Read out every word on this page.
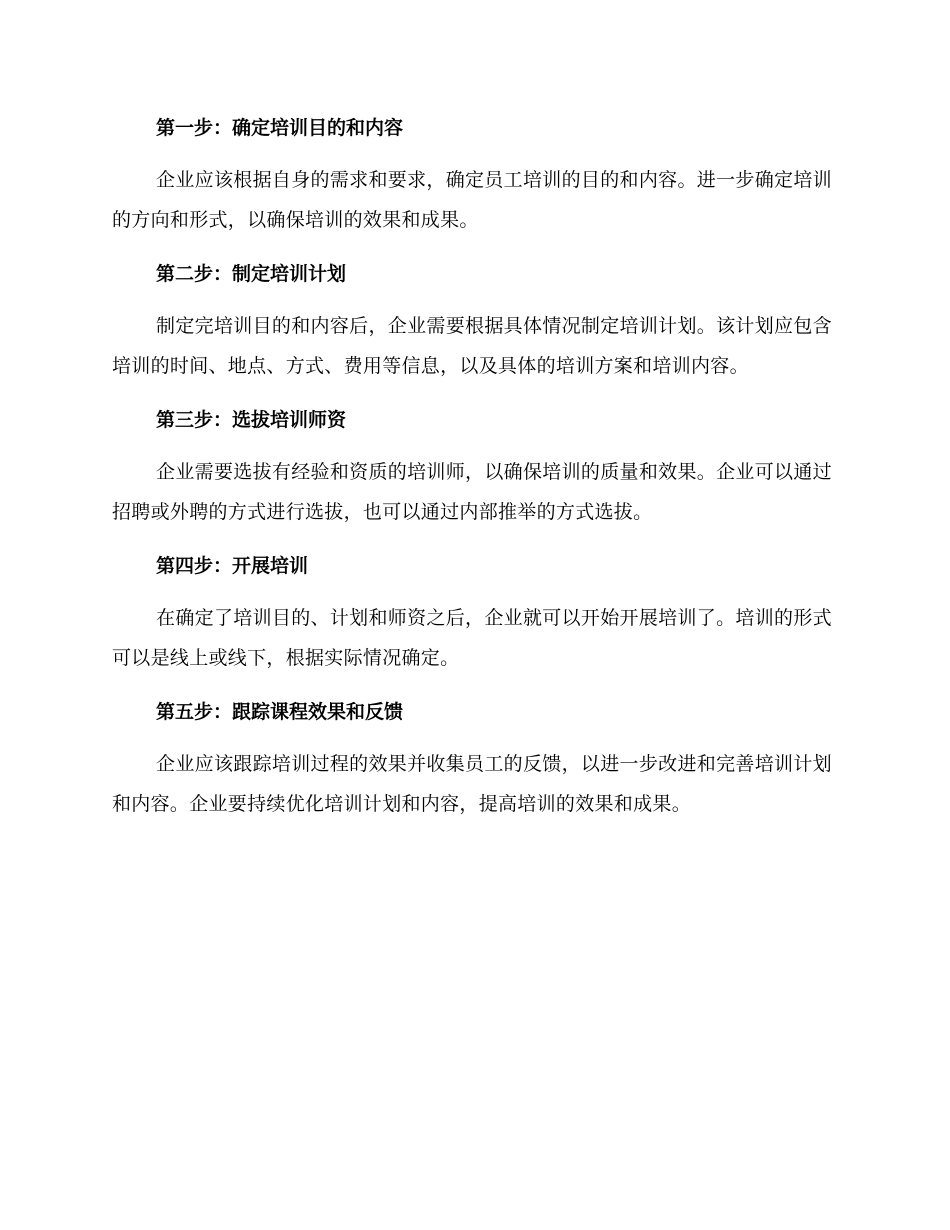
第一步：确定培训目的和内容
企业应该根据自身的需求和要求，确定员工培训的目的和内容。进一步确定培训的方向和形式，以确保培训的效果和成果。
第二步：制定培训计划
制定完培训目的和内容后，企业需要根据具体情况制定培训计划。该计划应包含培训的时间、地点、方式、费用等信息，以及具体的培训方案和培训内容。
第三步：选拔培训师资
企业需要选拔有经验和资质的培训师，以确保培训的质量和效果。企业可以通过招聘或外聘的方式进行选拔，也可以通过内部推举的方式选拔。
第四步：开展培训
在确定了培训目的、计划和师资之后，企业就可以开始开展培训了。培训的形式可以是线上或线下，根据实际情况确定。
第五步：跟踪课程效果和反馈
企业应该跟踪培训过程的效果并收集员工的反馈，以进一步改进和完善培训计划和内容。企业要持续优化培训计划和内容，提高培训的效果和成果。
